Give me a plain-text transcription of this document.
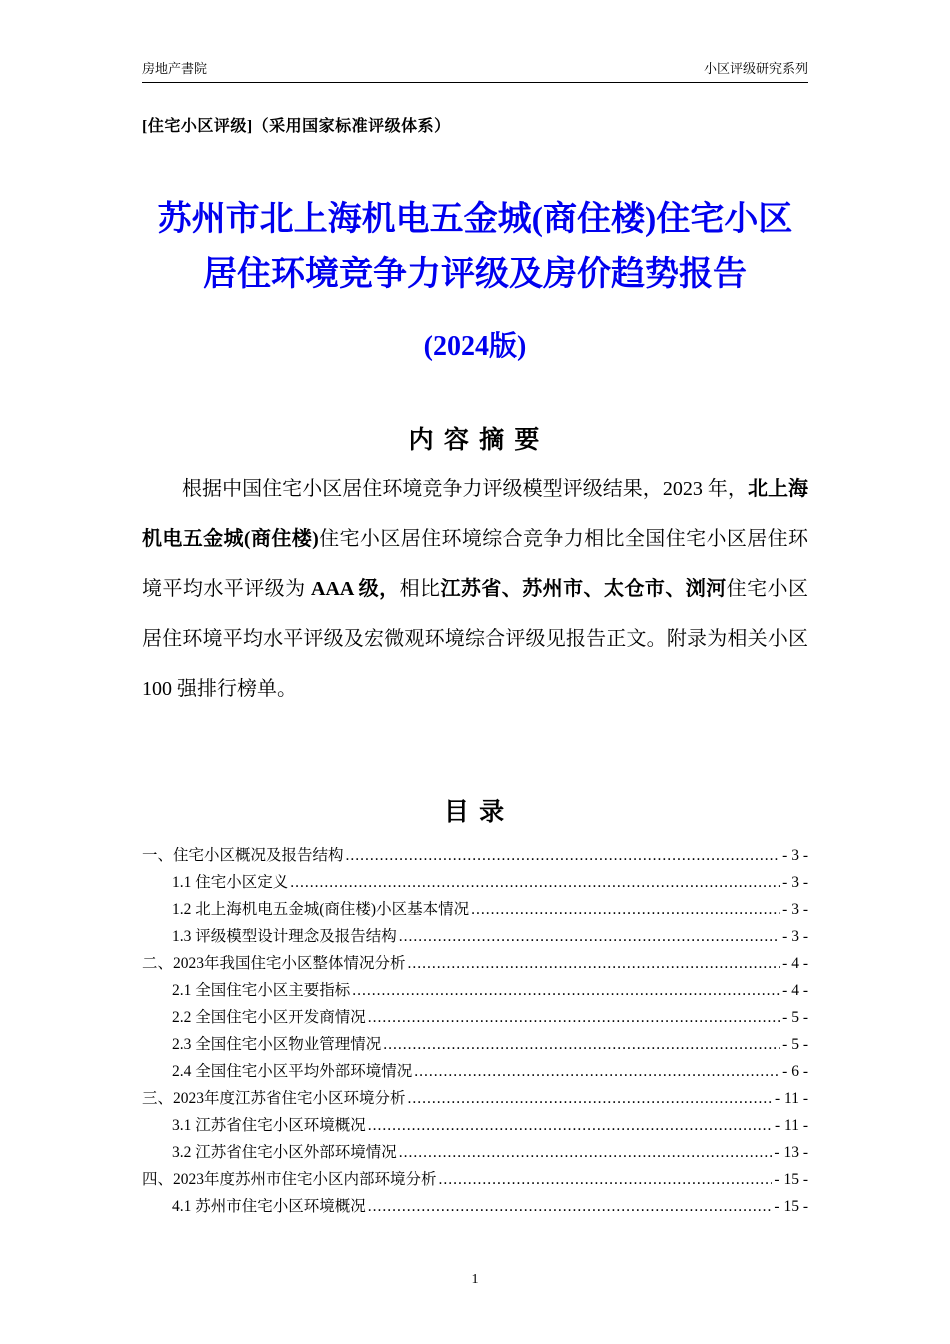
房地产書院	小区评级研究系列
[住宅小区评级]（采用国家标准评级体系）
苏州市北上海机电五金城(商住楼)住宅小区
居住环境竞争力评级及房价趋势报告
(2024版)
内 容 摘 要

根据中国住宅小区居住环境竞争力评级模型评级结果，2023 年，北上海机电五金城(商住楼)住宅小区居住环境综合竞争力相比全国住宅小区居住环境平均水平评级为 AAA 级，相比江苏省、苏州市、太仓市、浏河住宅小区居住环境平均水平评级及宏微观环境综合评级见报告正文。附录为相关小区 100 强排行榜单。

目 录
一、住宅小区概况及报告结构 .....	- 3 -
1.1 住宅小区定义 .....	- 3 -
1.2 北上海机电五金城(商住楼)小区基本情况 .....	- 3 -
1.3 评级模型设计理念及报告结构 .....	- 3 -
二、2023年我国住宅小区整体情况分析 .....	- 4 -
2.1 全国住宅小区主要指标 .....	- 4 -
2.2 全国住宅小区开发商情况 .....	- 5 -
2.3 全国住宅小区物业管理情况 .....	- 5 -
2.4 全国住宅小区平均外部环境情况 .....	- 6 -
三、2023年度江苏省住宅小区环境分析 .....	- 11 -
3.1 江苏省住宅小区环境概况 .....	- 11 -
3.2 江苏省住宅小区外部环境情况 .....	- 13 -
四、2023年度苏州市住宅小区内部环境分析 .....	- 15 -
4.1 苏州市住宅小区环境概况 .....	- 15 -
1
